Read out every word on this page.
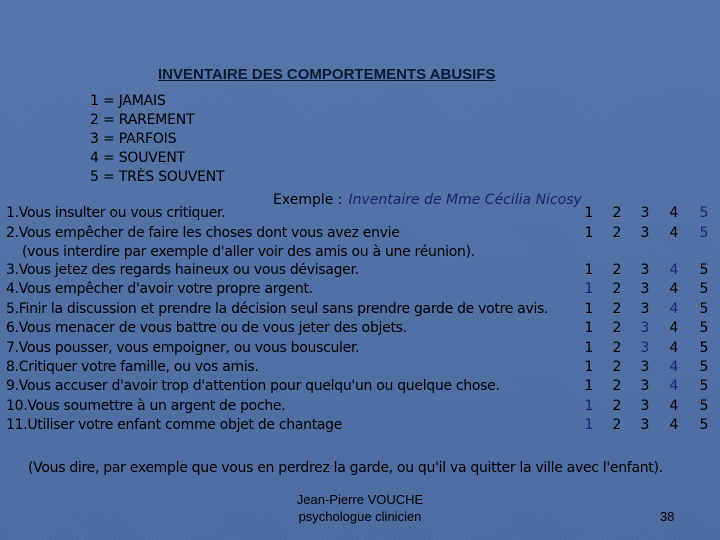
INVENTAIRE DES COMPORTEMENTS ABUSIFS
1 = JAMAIS
2 = RAREMENT
3 = PARFOIS
4 = SOUVENT
5 = TRÈS SOUVENT
Exemple : Inventaire de Mme Cécilia Nicosy
1.Vous insulter ou vous critiquer.
2.Vous empêcher de faire les choses dont vous avez envie
(vous interdire par exemple d'aller voir des amis ou à une réunion).
3.Vous jetez des regards haineux ou vous dévisager.
4.Vous empêcher d'avoir votre propre argent.
5.Finir la discussion et prendre la décision seul sans prendre garde de votre avis.
6.Vous menacer de vous battre ou de vous jeter des objets.
7.Vous pousser, vous empoigner, ou vous bousculer.
8.Critiquer votre famille, ou vos amis.
9.Vous accuser d'avoir trop d'attention pour quelqu'un ou quelque chose.
10.Vous soumettre à un argent de poche.
11.Utiliser votre enfant comme objet de chantage
1 2 3 4 5
1 2 3 4 5
1 2 3 4 5
1 2 3 4 5
1 2 3 4 5
1 2 3 4 5
1 2 3 4 5
1 2 3 4 5
1 2 3 4 5
1 2 3 4 5
1 2 3 4 5
(Vous dire, par exemple que vous en perdrez la garde, ou qu'il va quitter la ville avec l'enfant).
Jean-Pierre VOUCHE
psychologue clinicien	38
